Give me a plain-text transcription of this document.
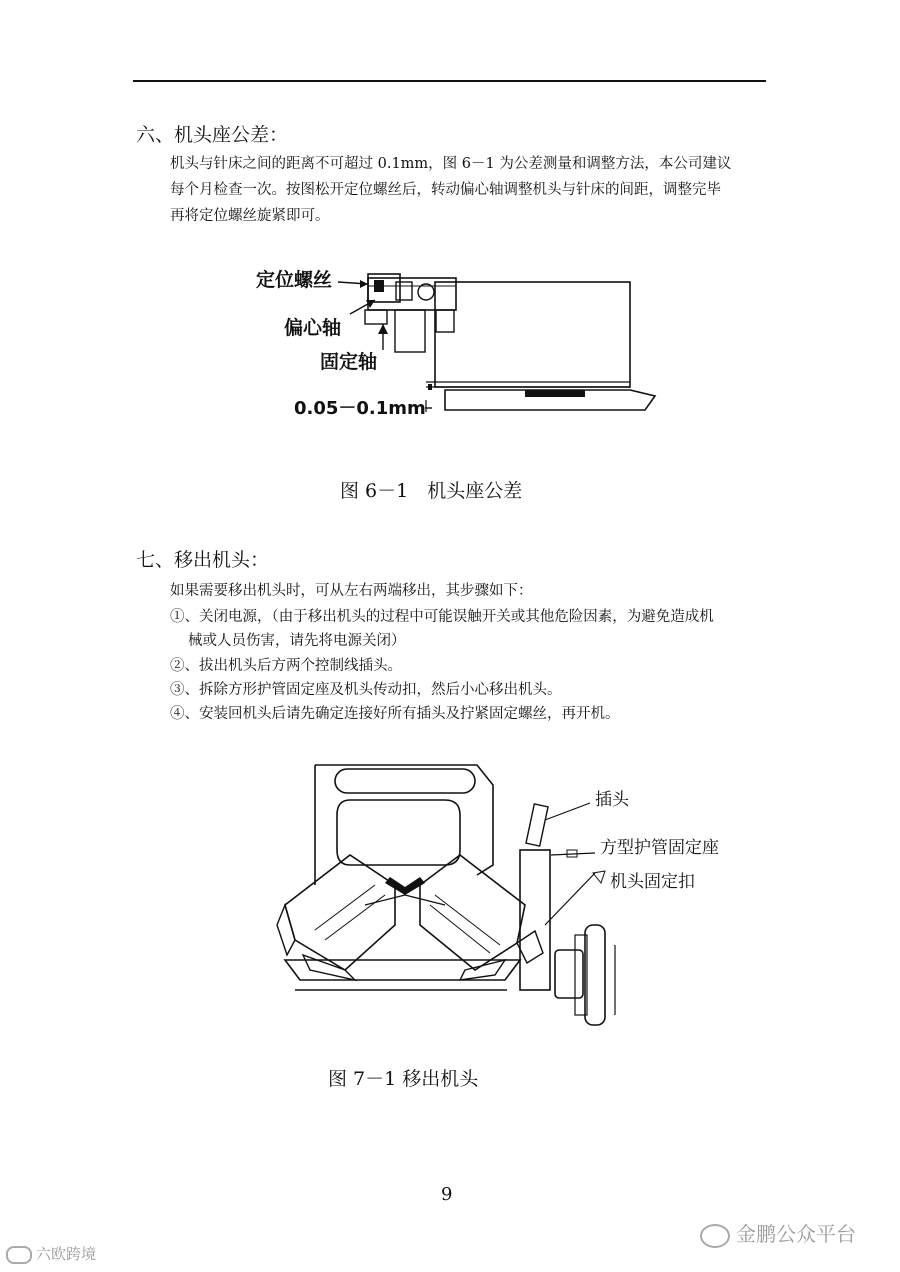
六、机头座公差：
机头与针床之间的距离不可超过 0.1mm，图 6－1 为公差测量和调整方法，本公司建议
每个月检查一次。按图松开定位螺丝后，转动偏心轴调整机头与针床的间距，调整完毕
再将定位螺丝旋紧即可。
定位螺丝
偏心轴
固定轴
0.05－0.1mm
图 6－1　机头座公差
七、移出机头：
如果需要移出机头时，可从左右两端移出，其步骤如下：
①、关闭电源，（由于移出机头的过程中可能误触开关或其他危险因素，为避免造成机
械或人员伤害，请先将电源关闭）
②、拔出机头后方两个控制线插头。
③、拆除方形护管固定座及机头传动扣，然后小心移出机头。
④、安装回机头后请先确定连接好所有插头及拧紧固定螺丝，再开机。
插头
方型护管固定座
机头固定扣
图 7－1 移出机头
9
六欧跨境
金鹏公众平台
